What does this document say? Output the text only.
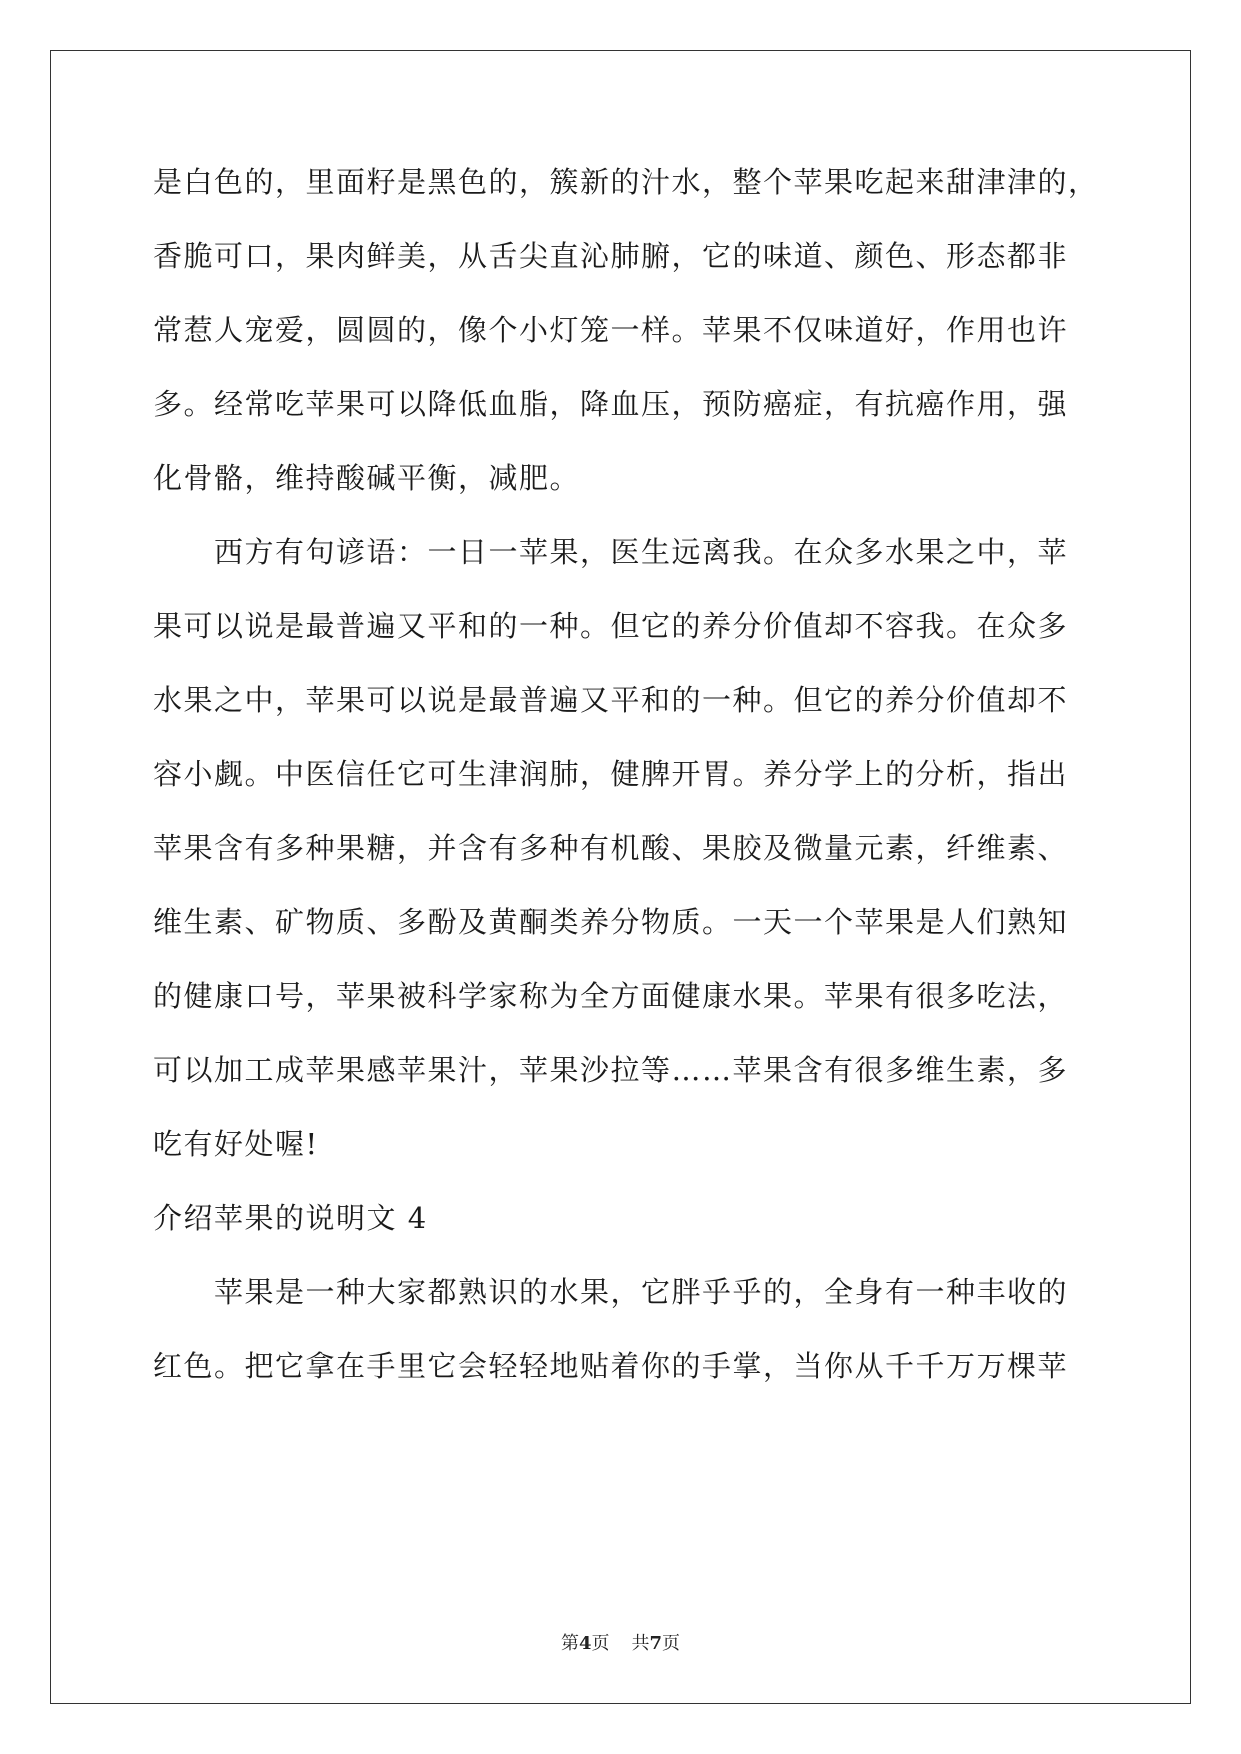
是白色的，里面籽是黑色的，簇新的汁水，整个苹果吃起来甜津津的，
香脆可口，果肉鲜美，从舌尖直沁肺腑，它的味道、颜色、形态都非
常惹人宠爱，圆圆的，像个小灯笼一样。苹果不仅味道好，作用也许
多。经常吃苹果可以降低血脂，降血压，预防癌症，有抗癌作用，强
化骨骼，维持酸碱平衡，减肥。
　　西方有句谚语：一日一苹果，医生远离我。在众多水果之中，苹
果可以说是最普遍又平和的一种。但它的养分价值却不容我。在众多
水果之中，苹果可以说是最普遍又平和的一种。但它的养分价值却不
容小觑。中医信任它可生津润肺，健脾开胃。养分学上的分析，指出
苹果含有多种果糖，并含有多种有机酸、果胶及微量元素，纤维素、
维生素、矿物质、多酚及黄酮类养分物质。一天一个苹果是人们熟知
的健康口号，苹果被科学家称为全方面健康水果。苹果有很多吃法，
可以加工成苹果感苹果汁，苹果沙拉等……苹果含有很多维生素，多
吃有好处喔!
介绍苹果的说明文 4
　　苹果是一种大家都熟识的水果，它胖乎乎的，全身有一种丰收的
红色。把它拿在手里它会轻轻地贴着你的手掌，当你从千千万万棵苹
第4页 共7页
